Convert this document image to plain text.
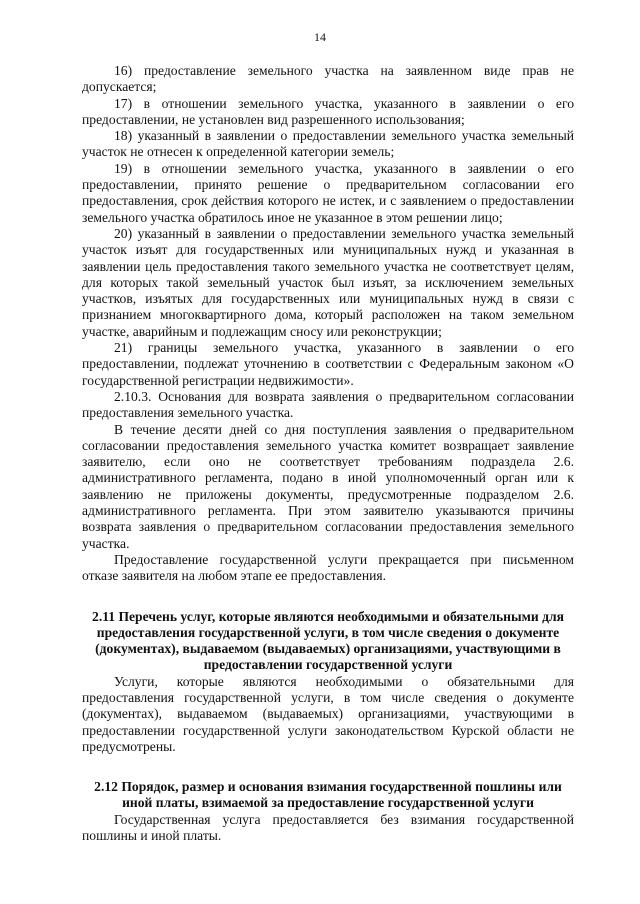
14

16) предоставление земельного участка на заявленном виде прав не допускается;

17) в отношении земельного участка, указанного в заявлении о его предоставлении, не установлен вид разрешенного использования;

18) указанный в заявлении о предоставлении земельного участка земельный участок не отнесен к определенной категории земель;

19) в отношении земельного участка, указанного в заявлении о его предоставлении, принято решение о предварительном согласовании его предоставления, срок действия которого не истек, и с заявлением о предоставлении земельного участка обратилось иное не указанное в этом решении лицо;

20) указанный в заявлении о предоставлении земельного участка земельный участок изъят для государственных или муниципальных нужд и указанная в заявлении цель предоставления такого земельного участка не соответствует целям, для которых такой земельный участок был изъят, за исключением земельных участков, изъятых для государственных или муниципальных нужд в связи с признанием многоквартирного дома, который расположен на таком земельном участке, аварийным и подлежащим сносу или реконструкции;

21) границы земельного участка, указанного в заявлении о его предоставлении, подлежат уточнению в соответствии с Федеральным законом «О государственной регистрации недвижимости».

2.10.3. Основания для возврата заявления о предварительном согласовании предоставления земельного участка.

В течение десяти дней со дня поступления заявления о предварительном согласовании предоставления земельного участка комитет возвращает заявление заявителю, если оно не соответствует требованиям подраздела 2.6. административного регламента, подано в иной уполномоченный орган или к заявлению не приложены документы, предусмотренные подразделом 2.6. административного регламента. При этом заявителю указываются причины возврата заявления о предварительном согласовании предоставления земельного участка.

Предоставление государственной услуги прекращается при письменном отказе заявителя на любом этапе ее предоставления.

2.11 Перечень услуг, которые являются необходимыми и обязательными для предоставления государственной услуги, в том числе сведения о документе (документах), выдаваемом (выдаваемых) организациями, участвующими в предоставлении государственной услуги

Услуги, которые являются необходимыми о обязательными для предоставления государственной услуги, в том числе сведения о документе (документах), выдаваемом (выдаваемых) организациями, участвующими в предоставлении государственной услуги законодательством Курской области не предусмотрены.

2.12 Порядок, размер и основания взимания государственной пошлины или иной платы, взимаемой за предоставление государственной услуги

Государственная услуга предоставляется без взимания государственной пошлины и иной платы.
